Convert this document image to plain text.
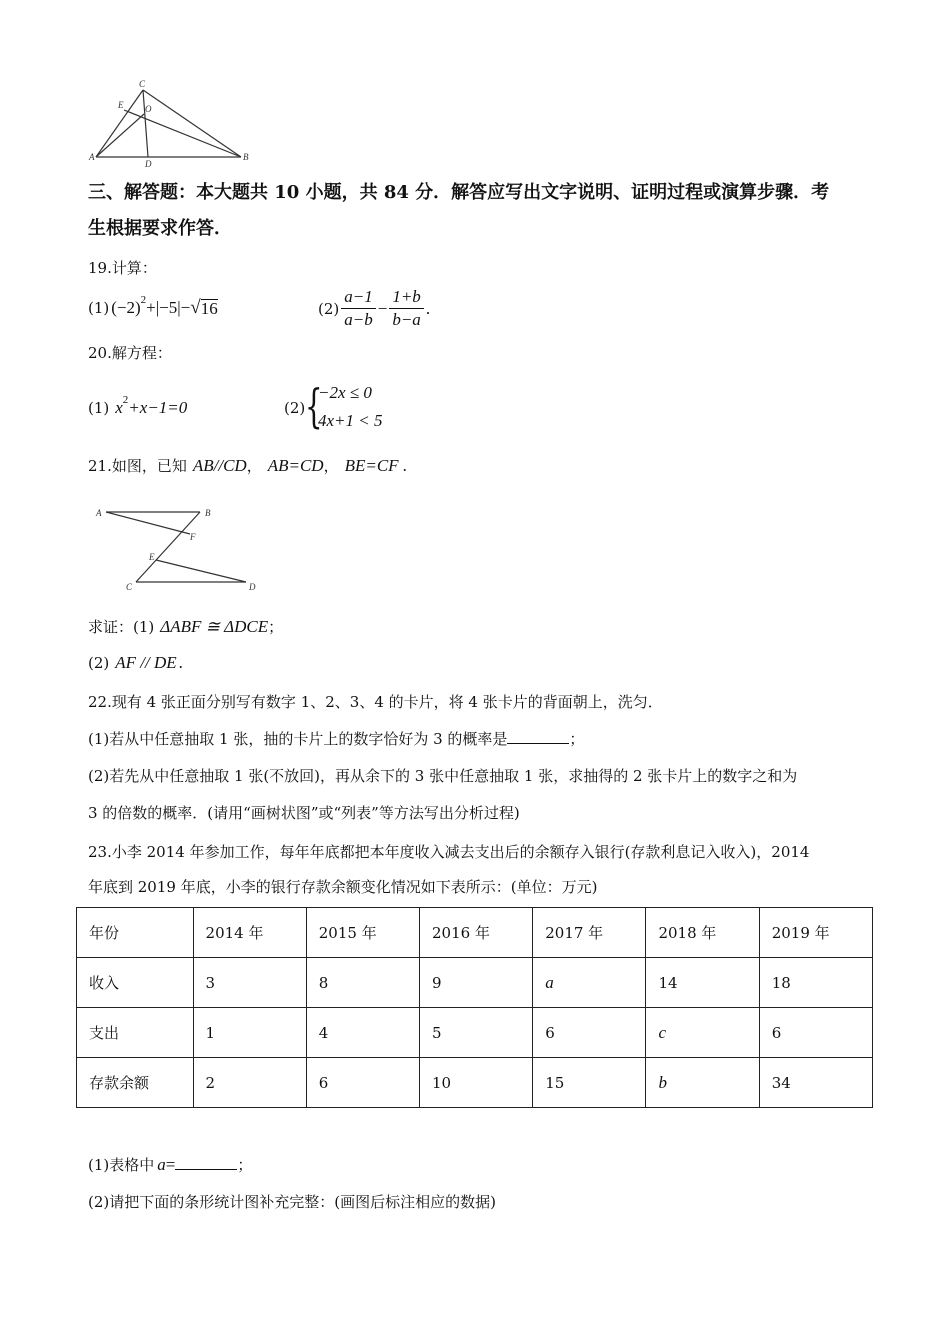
C
E O
A
D
B
三、解答题：本大题共 10 小题，共 84 分．解答应写出文字说明、证明过程或演算步骤．考
生根据要求作答．
19.计算：
(1) $(-2)^2 +|-5|-$ √ 16	$(2) \frac{a-1}{a-b} - \frac{1+b}{b-a}$ .
20.解方程：
(1) $x^2 +x-1=0$	(2) {
−2x ≤ 0
4x+1 < 5
21.如图，已知 AB//CD ， AB=CD ， BE=CF .
A	B
F
E
C	D
求证：(1) ΔABF ≅ ΔDCE ；
(2) AF // DE .
22.现有 4 张正面分别写有数字 1、2、3、4 的卡片，将 4 张卡片的背面朝上，洗匀．
(1)若从中任意抽取 1 张，抽的卡片上的数字恰好为 3 的概率是	；
(2)若先从中任意抽取 1 张(不放回)，再从余下的 3 张中任意抽取 1 张，求抽得的 2 张卡片上的数字之和为
3 的倍数的概率．(请用“画树状图”或“列表”等方法写出分析过程)
23.小李 2014 年参加工作，每年年底都把本年度收入减去支出后的余额存入银行(存款利息记入收入)，2014
年底到 2019 年底，小李的银行存款余额变化情况如下表所示：(单位：万元)
年份	2014 年	2015 年	2016 年	2017 年	2018 年	2019 年
收入	3	8	9	a	14	18
支出	1	4	5	6	c	6
存款余额	2	6	10	15	b	34
(1)表格中 a =	；
(2)请把下面的条形统计图补充完整：(画图后标注相应的数据)
